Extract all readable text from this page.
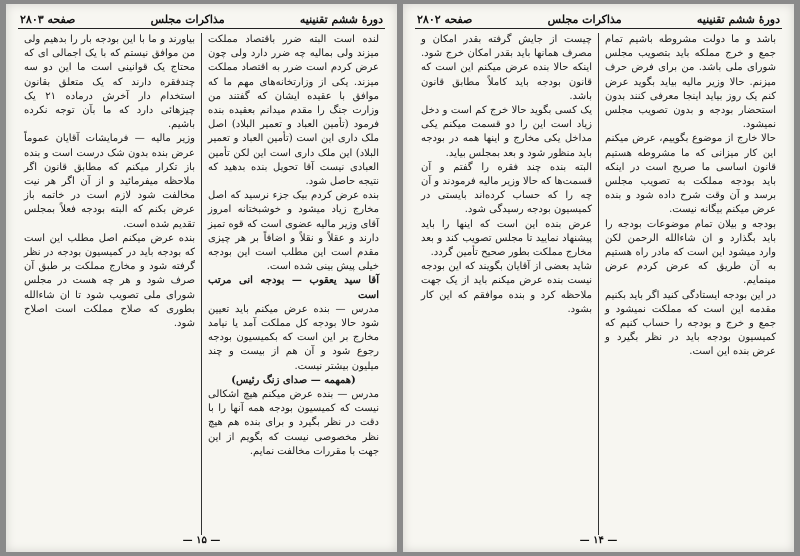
دورهٔ ششم تقنینیه
مذاکرات مجلس
صفحه ۲۸۰۳

لنده است البته ضرر باقتصاد مملکت میزند ولی بمالیه چه ضرر دارد ولی چون عرض کردم است ضرر به اقتصاد مملکت میزند. یکی از وزارتخانه‌های مهم ما که موافق با عقیده ایشان که گفتند من وزارت جنگ را مقدم میدانم بعقیده بنده فرمود (تأمین العباد و تعمیر البلاد) اصل ملک داری این است (تأمین العباد و تعمیر البلاد) این ملک داری است این لکن تأمین العبادی نیست آقا تحویل بنده بدهید که نتیجه حاصل شود.

بنده عرض کردم بیک جزء نرسید که اصل مخارج زیاد میشود و خوشبختانه امروز آقای وزیر مالیه عضوی است که قوه تمیز دارند و عقلاً و نقلاً و اضافاً بر هر چیزی مقدم است این مطلب است این بودجه خیلی پیش بینی شده است.

آقا سید یعقوب — بودجه انی مرتب است

مدرس — بنده عرض میکنم باید تعیین شود حالا بودجه کل مملکت آمد یا نیامد مخارج بر این است که بکمیسیون بودجه رجوع شود و آن هم از بیست و چند میلیون بیشتر نیست.

(همهمه — صدای زنگ رئیس)

مدرس — بنده عرض میکنم هیچ اشکالی نیست که کمیسیون بودجه همه آنها را با دقت در نظر بگیرد و برای بنده هم هیچ نظر مخصوصی نیست که بگویم از این جهت با مقررات مخالفت نمایم.

بیاورند و ما با این بودجه بار را بدهیم ولی من موافق نیستم که با یک اجمالی ای که محتاج یک قوانینی است ما این دو سه چندفقره دارند که یک متعلق بقانون استخدام دار آخرش درماده ۲۱ یک چیزهائی دارد که ما بآن توجه نکرده باشیم.

وزیر مالیه — فرمایشات آقایان عموماً عرض بنده بدون شک درست است و بنده باز تکرار میکنم که مطابق قانون اگر ملاحظه میفرمائید و از آن اگر هر نیت مخالفت شود لازم است در خاتمه باز عرض بکنم که البته بودجه فعلاً بمجلس تقدیم شده است.

بنده عرض میکنم اصل مطلب این است که بودجه باید در کمیسیون بودجه در نظر گرفته شود و مخارج مملکت بر طبق آن صرف شود و هر چه هست در مجلس شورای ملی تصویب شود تا ان شاءالله بطوری که صلاح مملکت است اصلاح شود.

— ۱۵ —
دورهٔ ششم تقنینیه
مذاکرات مجلس
صفحه ۲۸۰۲

باشد و ما دولت مشروطه باشیم تمام جمع و خرج مملکه باید بتصویب مجلس شورای ملی باشد. من برای فرض حرف میزنم. حالا وزیر مالیه بیاید بگوید عرض کنم یک روز بیاید اینجا معرفی کنند بدون استحضار بودجه و بدون تصویب مجلس نمیشود.

حالا خارج از موضوع بگوییم، عرض میکنم این کار میزانی که ما مشروطه هستیم قانون اساسی ما صریح است در اینکه باید بودجه مملکت به تصویب مجلس برسد و آن وقت شرح داده شود و بنده عرض میکنم بیگانه نیست.

بودجه و بیلان تمام موضوعات بودجه را باید بگذارد و ان شاءالله الرحمن لکن وارد میشود این است که مادر راه هستیم به آن طریق که عرض کردم عرض مینمایم.

در این بودجه ایستادگی کنید اگر باید بکنیم مقدمه این است که مملکت نمیشود و جمع و خرج و بودجه را حساب کنیم که کمیسیون بودجه باید در نظر بگیرد و عرض بنده این است.

چیست از جایش گرفته بقدر امکان و مصرف همانها باید بقدر امکان خرج شود. اینکه حالا بنده عرض میکنم این است که قانون بودجه باید کاملاً مطابق قانون باشد.

یک کسی بگوید حالا خرج کم است و دخل زیاد است این را دو قسمت میکنم یکی مداخل یکی مخارج و اینها همه در بودجه باید منظور شود و بعد بمجلس بیاید.

البته بنده چند فقره را گفتم و آن قسمت‌ها که حالا وزیر مالیه فرمودند و آن چه را که حساب کرده‌اند بایستی در کمیسیون بودجه رسیدگی شود.

عرض بنده این است که اینها را باید پیشنهاد نمایید تا مجلس تصویب کند و بعد مخارج مملکت بطور صحیح تأمین گردد.

شاید بعضی از آقایان بگویند که این بودجه نیست بنده عرض میکنم باید از یک جهت ملاحظه کرد و بنده موافقم که این کار بشود.

— ۱۴ —
